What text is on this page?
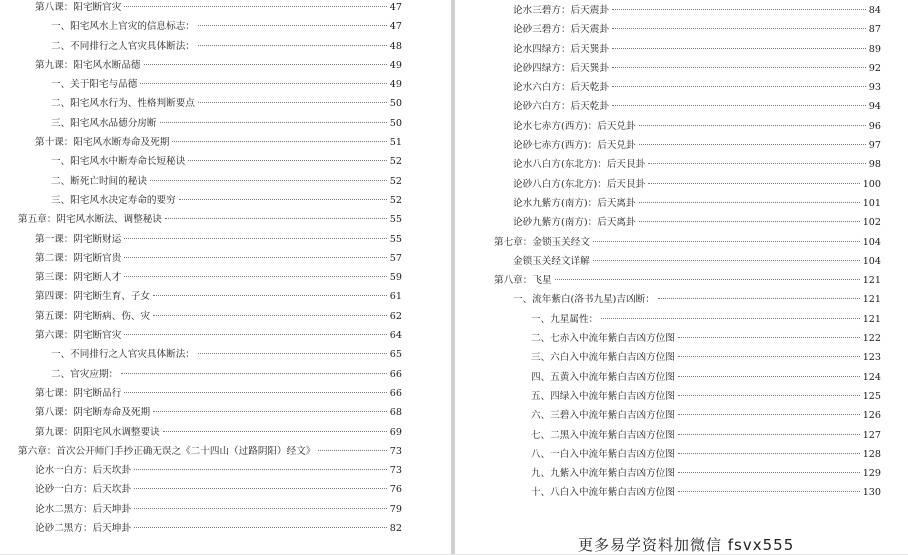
第八课：阳宅断官灾	47
一、阳宅风水上官灾的信息标志：	47
二、不同排行之人官灾具体断法：	48
第九课：阳宅风水断品德	49
一、关于阳宅与品德	49
二、阳宅风水行为、性格判断要点	50
三、阳宅风水品德分房断	50
第十课：阳宅风水断寿命及死期	51
一、阳宅风水中断寿命长短秘诀	52
二、断死亡时间的秘诀	52
三、阳宅风水决定寿命的要穷	52
第五章：阴宅风水断法、调整秘诀	55
第一课：阴宅断财运	55
第二课：阴宅断官贵	57
第三课：阴宅断人才	59
第四课：阴宅断生育、子女	61
第五课：阴宅断病、伤、灾	62
第六课：阴宅断官灾	64
一、不同排行之人官灾具体断法：	65
二、官灾应期：	66
第七课：阴宅断品行	66
第八课：阴宅断寿命及死期	68
第九课：阴阳宅风水调整要诀	69
第六章：首次公开师门手抄正确无误之《二十四山（过路阴阳）经文》	73
论水一白方：后天坎卦	73
论砂一白方：后天坎卦	76
论水二黑方：后天坤卦	79
论砂二黑方：后天坤卦	82
论水三碧方：后天震卦	84
论砂三碧方：后天震卦	87
论水四绿方：后天巽卦	89
论砂四绿方：后天巽卦	92
论水六白方：后天乾卦	93
论砂六白方：后天乾卦	94
论水七赤方(西方)：后天兑卦	96
论砂七赤方(西方)：后天兑卦	97
论水八白方(东北方)：后天艮卦	98
论砂八白方(东北方)：后天艮卦	100
论水九紫方(南方)：后天离卦	101
论砂九紫方(南方)：后天离卦	102
第七章：金锁玉关经文	104
金锁玉关经文详解	104
第八章：飞星	121
一、流年紫白(洛书九星)吉凶断：	121
一、九星属性：	121
二、七赤入中流年紫白吉凶方位图	122
三、六白入中流年紫白吉凶方位图	123
四、五黄入中流年紫白吉凶方位图	124
五、四绿入中流年紫白吉凶方位图	125
六、三碧入中流年紫白吉凶方位图	126
七、二黑入中流年紫白吉凶方位图	127
八、一白入中流年紫白吉凶方位图	128
九、九紫入中流年紫白吉凶方位图	129
十、八白入中流年紫白吉凶方位图	130
更多易学资料加微信 fsvx555
